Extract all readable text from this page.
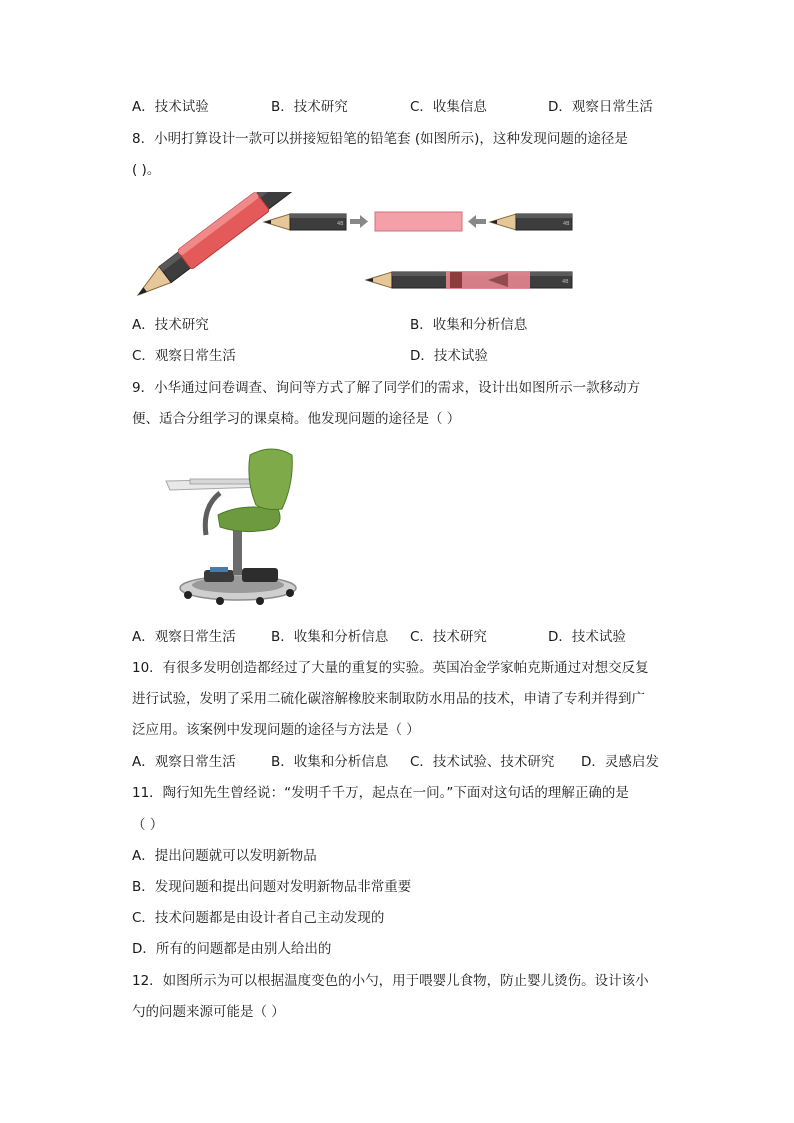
A．技术试验	B．技术研究	C．收集信息	D．观察日常生活
8．小明打算设计一款可以拼接短铅笔的铅笔套 (如图所示)，这种发现问题的途径是
( )。
4B	4B
4B
A．技术研究	B．收集和分析信息
C．观察日常生活	D．技术试验
9．小华通过问卷调查、询问等方式了解了同学们的需求，设计出如图所示一款移动方
便、适合分组学习的课桌椅。他发现问题的途径是（ ）
A．观察日常生活	B．收集和分析信息 C．技术研究	D．技术试验
10．有很多发明创造都经过了大量的重复的实验。英国冶金学家帕克斯通过对想交反复
进行试验，发明了采用二硫化碳溶解橡胶来制取防水用品的技术，申请了专利并得到广
泛应用。该案例中发现问题的途径与方法是（ ）
A．观察日常生活	B．收集和分析信息 C．技术试验、技术研究 D．灵感启发
11．陶行知先生曾经说：“发明千千万，起点在一问。”下面对这句话的理解正确的是
（ ）
A．提出问题就可以发明新物品
B．发现问题和提出问题对发明新物品非常重要
C．技术问题都是由设计者自己主动发现的
D．所有的问题都是由别人给出的
12．如图所示为可以根据温度变色的小勺，用于喂婴儿食物，防止婴儿烫伤。设计该小
勺的问题来源可能是（ ）
